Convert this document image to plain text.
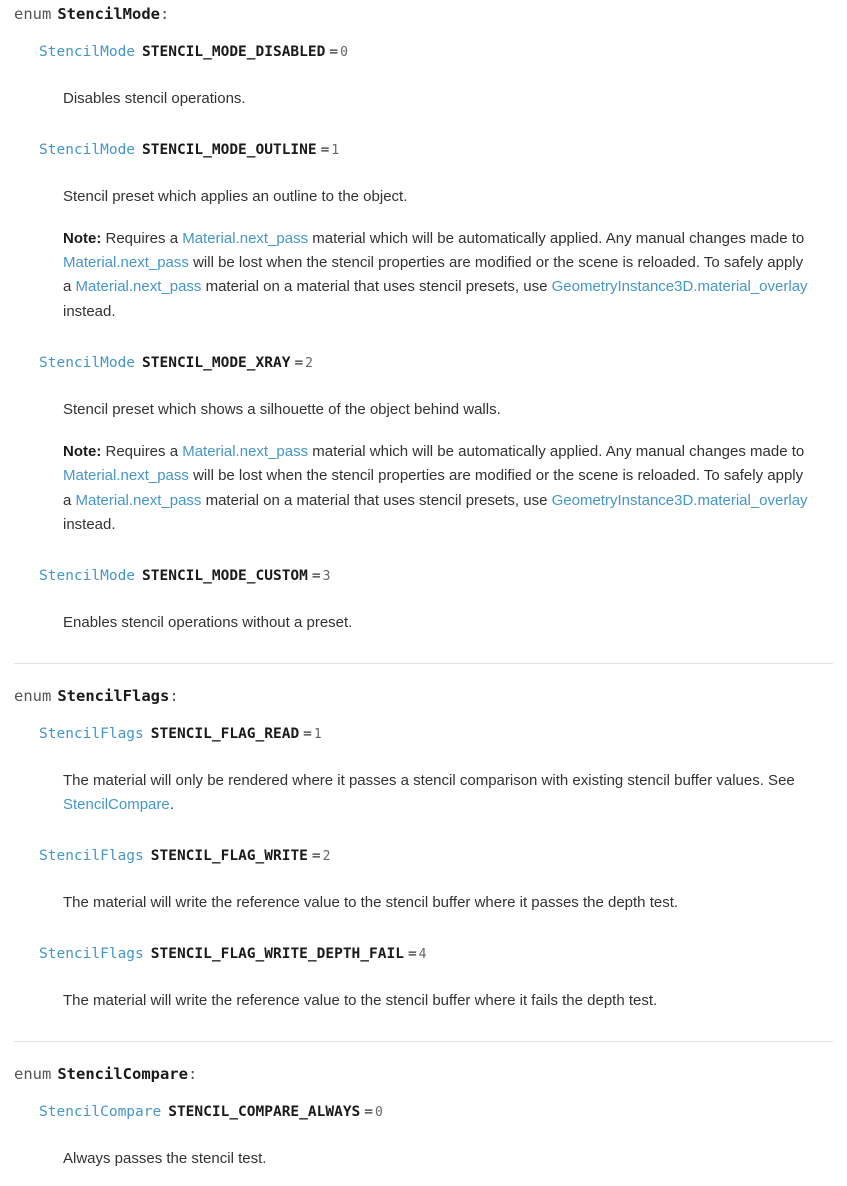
enum StencilMode:
StencilMode STENCIL_MODE_DISABLED = 0

Disables stencil operations.

StencilMode STENCIL_MODE_OUTLINE = 1

Stencil preset which applies an outline to the object.

Note: Requires a Material.next_pass material which will be automatically applied. Any manual changes made to Material.next_pass will be lost when the stencil properties are modified or the scene is reloaded. To safely apply a Material.next_pass material on a material that uses stencil presets, use GeometryInstance3D.material_overlay instead.

StencilMode STENCIL_MODE_XRAY = 2

Stencil preset which shows a silhouette of the object behind walls.

Note: Requires a Material.next_pass material which will be automatically applied. Any manual changes made to Material.next_pass will be lost when the stencil properties are modified or the scene is reloaded. To safely apply a Material.next_pass material on a material that uses stencil presets, use GeometryInstance3D.material_overlay instead.

StencilMode STENCIL_MODE_CUSTOM = 3

Enables stencil operations without a preset.

enum StencilFlags:
StencilFlags STENCIL_FLAG_READ = 1

The material will only be rendered where it passes a stencil comparison with existing stencil buffer values. See StencilCompare.

StencilFlags STENCIL_FLAG_WRITE = 2

The material will write the reference value to the stencil buffer where it passes the depth test.

StencilFlags STENCIL_FLAG_WRITE_DEPTH_FAIL = 4

The material will write the reference value to the stencil buffer where it fails the depth test.

enum StencilCompare:
StencilCompare STENCIL_COMPARE_ALWAYS = 0

Always passes the stencil test.
